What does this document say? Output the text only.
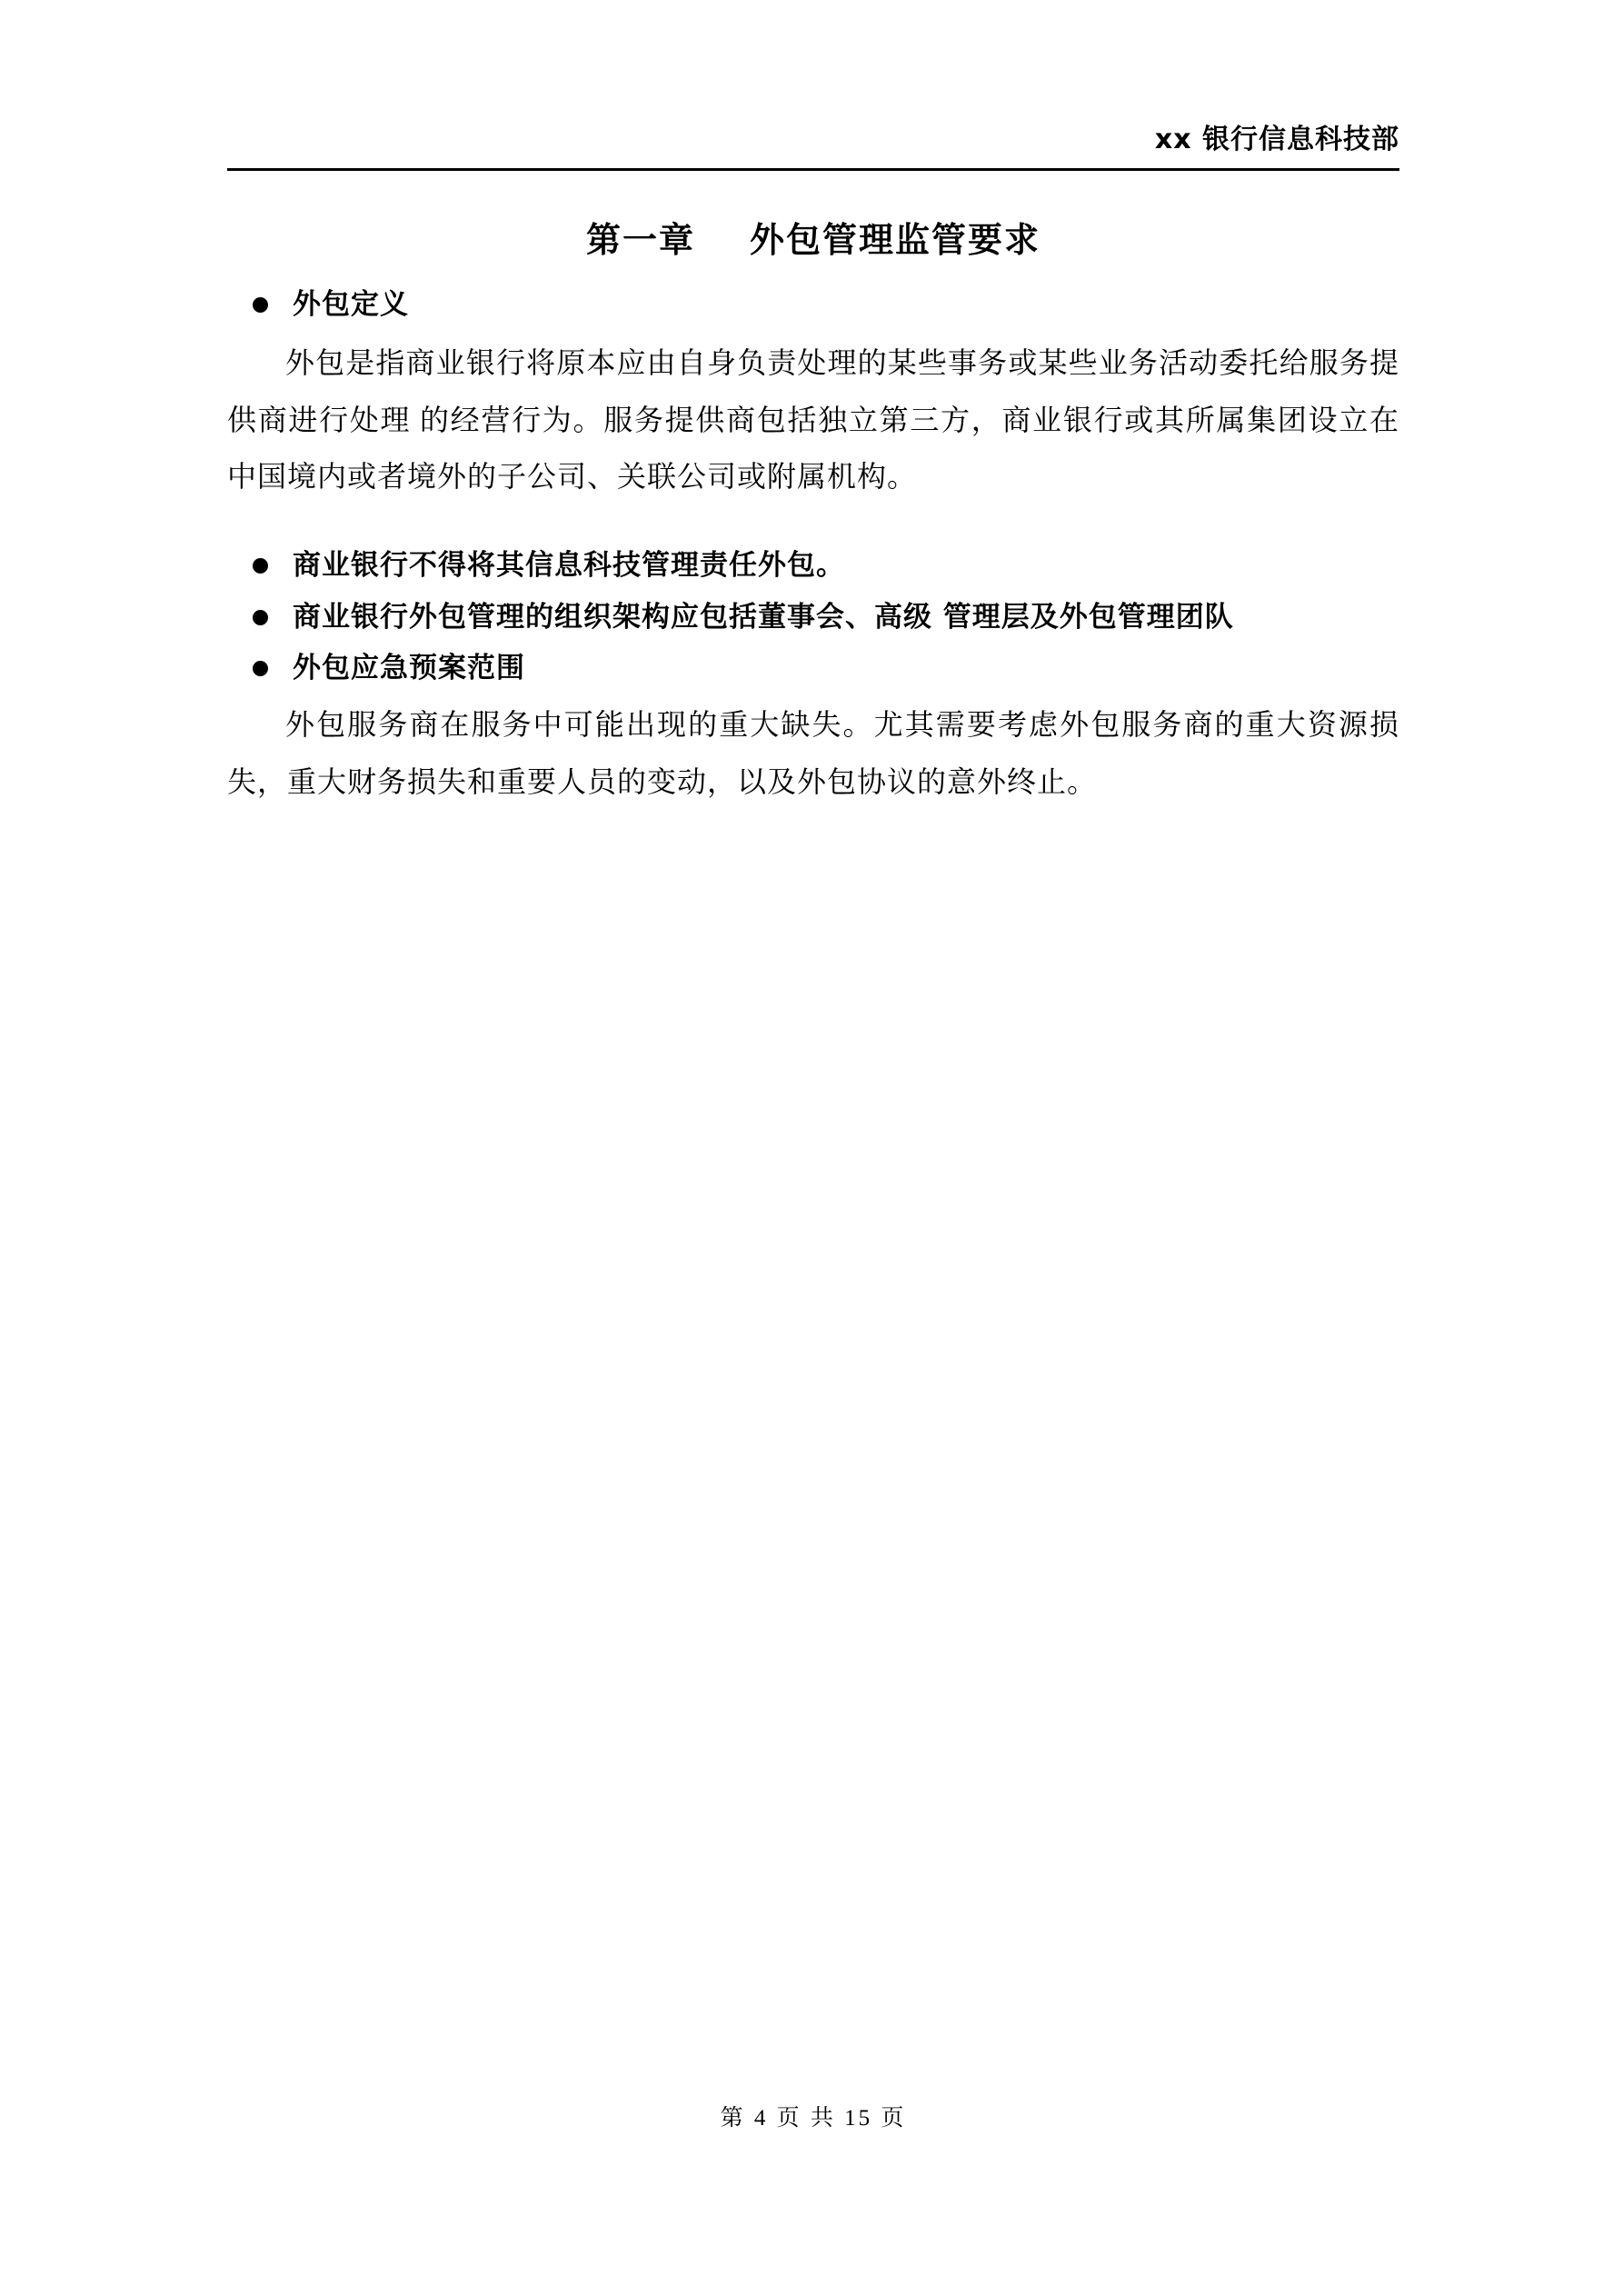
xx 银行信息科技部
第一章 外包管理监管要求
外包定义

外包是指商业银行将原本应由自身负责处理的某些事务或某些业务活动委托给服务提供商进行处理 的经营行为。服务提供商包括独立第三方，商业银行或其所属集团设立在中国境内或者境外的子公司、关联公司或附属机构。

商业银行不得将其信息科技管理责任外包。
商业银行外包管理的组织架构应包括董事会、高级 管理层及外包管理团队
外包应急预案范围

外包服务商在服务中可能出现的重大缺失。尤其需要考虑外包服务商的重大资源损失，重大财务损失和重要人员的变动，以及外包协议的意外终止。

第 4 页 共 15 页
